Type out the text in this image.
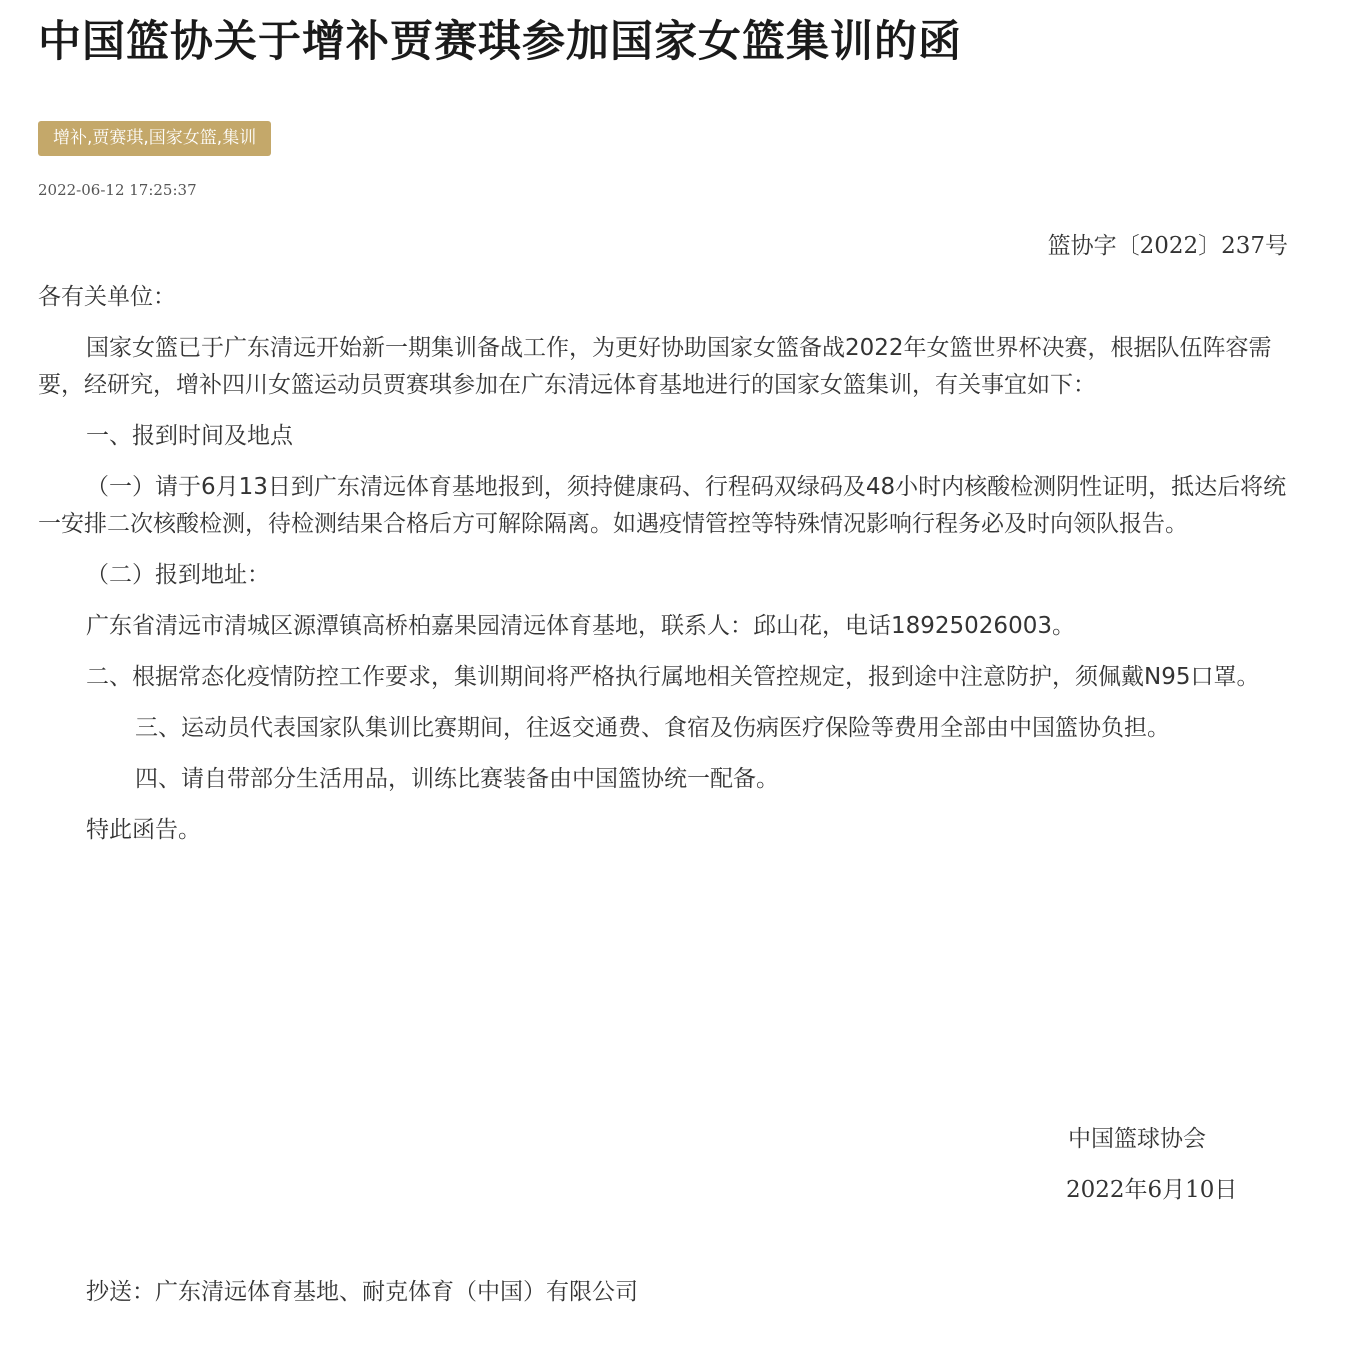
中国篮协关于增补贾赛琪参加国家女篮集训的函
增补,贾赛琪,国家女篮,集训
2022-06-12 17:25:37

篮协字〔2022〕237号

各有关单位：

国家女篮已于广东清远开始新一期集训备战工作，为更好协助国家女篮备战2022年女篮世界杯决赛，根据队伍阵容需要，经研究，增补四川女篮运动员贾赛琪参加在广东清远体育基地进行的国家女篮集训，有关事宜如下：

一、报到时间及地点

（一）请于6月13日到广东清远体育基地报到，须持健康码、行程码双绿码及48小时内核酸检测阴性证明，抵达后将统一安排二次核酸检测，待检测结果合格后方可解除隔离。如遇疫情管控等特殊情况影响行程务必及时向领队报告。

（二）报到地址：

广东省清远市清城区源潭镇高桥柏嘉果园清远体育基地，联系人：邱山花，电话18925026003。

二、根据常态化疫情防控工作要求，集训期间将严格执行属地相关管控规定，报到途中注意防护，须佩戴N95口罩。

三、运动员代表国家队集训比赛期间，往返交通费、食宿及伤病医疗保险等费用全部由中国篮协负担。

四、请自带部分生活用品，训练比赛装备由中国篮协统一配备。

特此函告。

中国篮球协会
2022年6月10日
抄送：广东清远体育基地、耐克体育（中国）有限公司
